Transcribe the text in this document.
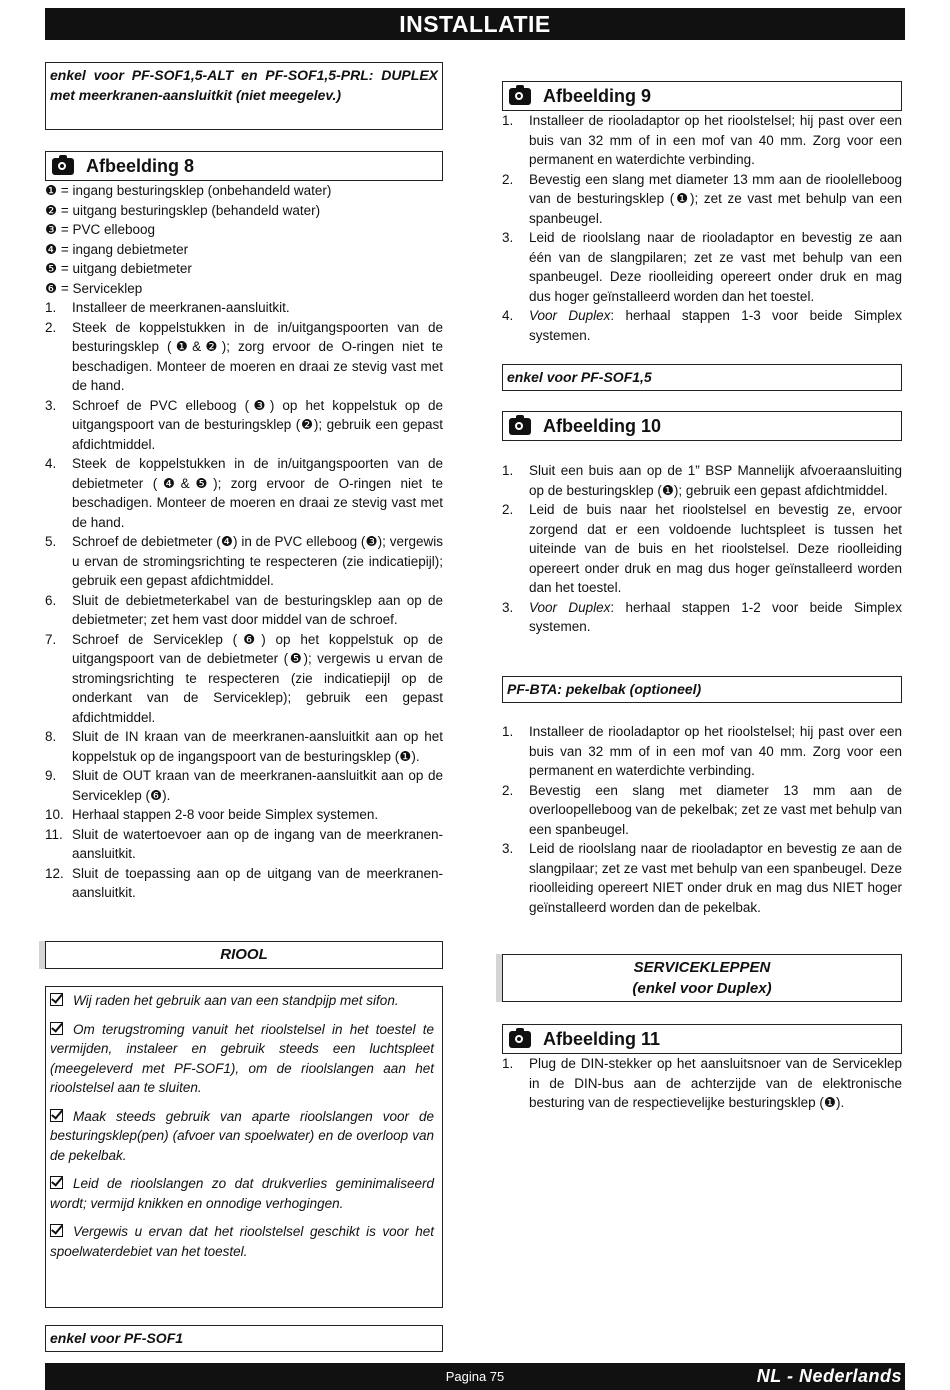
INSTALLATIE
enkel voor PF-SOF1,5-ALT en PF-SOF1,5-PRL: DUPLEX met meerkranen-aansluitkit (niet meegelev.)
Afbeelding 8
❶ = ingang besturingsklep (onbehandeld water)
❷ = uitgang besturingsklep (behandeld water)
❸ = PVC elleboog
❹ = ingang debietmeter
❺ = uitgang debietmeter
❻ = Serviceklep
1.	Installeer de meerkranen-aansluitkit.
2.	Steek de koppelstukken in de in/uitgangspoorten van de besturingsklep (❶&❷); zorg ervoor de O-ringen niet te beschadigen. Monteer de moeren en draai ze stevig vast met de hand.
3.	Schroef de PVC elleboog (❸) op het koppelstuk op de uitgangspoort van de besturingsklep (❷); gebruik een gepast afdichtmiddel.
4.	Steek de koppelstukken in de in/uitgangspoorten van de debietmeter (❹&❺); zorg ervoor de O-ringen niet te beschadigen. Monteer de moeren en draai ze stevig vast met de hand.
5.	Schroef de debietmeter (❹) in de PVC elleboog (❸); vergewis u ervan de stromingsrichting te respecteren (zie indicatiepijl); gebruik een gepast afdichtmiddel.
6.	Sluit de debietmeterkabel van de besturingsklep aan op de debietmeter; zet hem vast door middel van de schroef.
7.	Schroef de Serviceklep (❻) op het koppelstuk op de uitgangspoort van de debietmeter (❺); vergewis u ervan de stromingsrichting te respecteren (zie indicatiepijl op de onderkant van de Serviceklep); gebruik een gepast afdichtmiddel.
8.	Sluit de IN kraan van de meerkranen-aansluitkit aan op het koppelstuk op de ingangspoort van de besturingsklep (❶).
9.	Sluit de OUT kraan van de meerkranen-aansluitkit aan op de Serviceklep (❻).
10. Herhaal stappen 2-8 voor beide Simplex systemen.
11. Sluit de watertoevoer aan op de ingang van de meerkranen-aansluitkit.
12. Sluit de toepassing aan op de uitgang van de meerkranen-aansluitkit.
RIOOL

Wij raden het gebruik aan van een standpijp met sifon.

Om terugstroming vanuit het rioolstelsel in het toestel te vermijden, instaleer en gebruik steeds een luchtspleet (meegeleverd met PF-SOF1), om de rioolslangen aan het rioolstelsel aan te sluiten.

Maak steeds gebruik van aparte rioolslangen voor de besturingsklep(pen) (afvoer van spoelwater) en de overloop van de pekelbak.

Leid de rioolslangen zo dat drukverlies geminimaliseerd wordt; vermijd knikken en onnodige verhogingen.

Vergewis u ervan dat het rioolstelsel geschikt is voor het spoelwaterdebiet van het toestel.

enkel voor PF-SOF1
Afbeelding 9
1.	Installeer de riooladaptor op het rioolstelsel; hij past over een buis van 32 mm of in een mof van 40 mm. Zorg voor een permanent en waterdichte verbinding.
2.	Bevestig een slang met diameter 13 mm aan de rioolelleboog van de besturingsklep (❶); zet ze vast met behulp van een spanbeugel.
3.	Leid de rioolslang naar de riooladaptor en bevestig ze aan één van de slangpilaren; zet ze vast met behulp van een spanbeugel. Deze rioolleiding opereert onder druk en mag dus hoger geïnstalleerd worden dan het toestel.
4.	Voor Duplex: herhaal stappen 1-3 voor beide Simplex systemen.
enkel voor PF-SOF1,5
Afbeelding 10
1.	Sluit een buis aan op de 1” BSP Mannelijk afvoeraansluiting op de besturingsklep (❶); gebruik een gepast afdichtmiddel.
2.	Leid de buis naar het rioolstelsel en bevestig ze, ervoor zorgend dat er een voldoende luchtspleet is tussen het uiteinde van de buis en het rioolstelsel. Deze rioolleiding opereert onder druk en mag dus hoger geïnstalleerd worden dan het toestel.
3.	Voor Duplex: herhaal stappen 1-2 voor beide Simplex systemen.
PF-BTA: pekelbak (optioneel)
1.	Installeer de riooladaptor op het rioolstelsel; hij past over een buis van 32 mm of in een mof van 40 mm. Zorg voor een permanent en waterdichte verbinding.
2.	Bevestig een slang met diameter 13 mm aan de overloopelleboog van de pekelbak; zet ze vast met behulp van een spanbeugel.
3.	Leid de rioolslang naar de riooladaptor en bevestig ze aan de slangpilaar; zet ze vast met behulp van een spanbeugel. Deze rioolleiding opereert NIET onder druk en mag dus NIET hoger geïnstalleerd worden dan de pekelbak.
SERVICEKLEPPEN
(enkel voor Duplex)
Afbeelding 11
1.	Plug de DIN-stekker op het aansluitsnoer van de Serviceklep in de DIN-bus aan de achterzijde van de elektronische besturing van de respectievelijke besturingsklep (❶).
Pagina 75	NL - Nederlands
